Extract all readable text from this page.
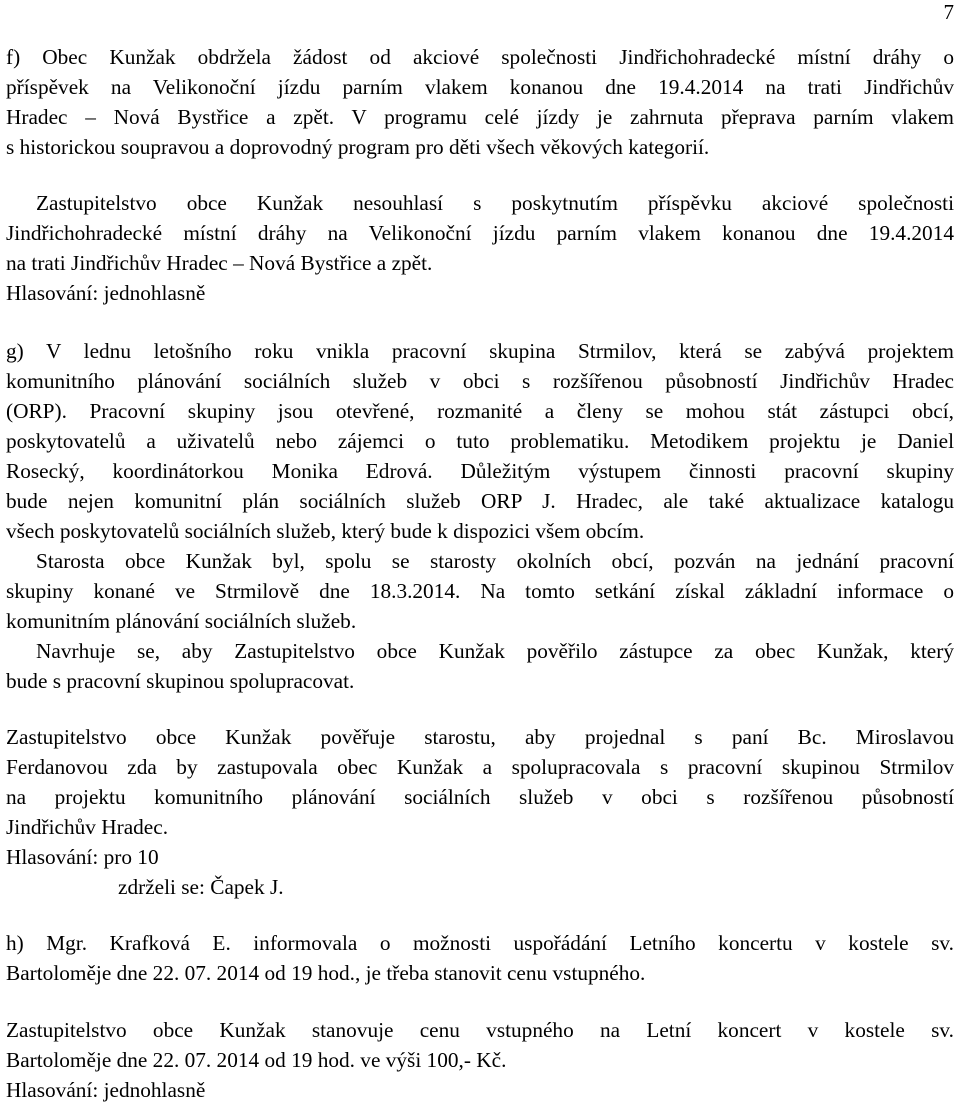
7
f) Obec Kunžak obdržela žádost od akciové společnosti Jindřichohradecké místní dráhy o
příspěvek na Velikonoční jízdu parním vlakem konanou dne 19.4.2014 na trati Jindřichův
Hradec – Nová Bystřice a zpět. V programu celé jízdy je zahrnuta přeprava parním vlakem
s historickou soupravou a doprovodný program pro děti všech věkových kategorií.
Zastupitelstvo obce Kunžak nesouhlasí s poskytnutím příspěvku akciové společnosti
Jindřichohradecké místní dráhy na Velikonoční jízdu parním vlakem konanou dne 19.4.2014
na trati Jindřichův Hradec – Nová Bystřice a zpět.
Hlasování: jednohlasně
g) V lednu letošního roku vnikla pracovní skupina Strmilov, která se zabývá projektem
komunitního plánování sociálních služeb v obci s rozšířenou působností Jindřichův Hradec
(ORP). Pracovní skupiny jsou otevřené, rozmanité a členy se mohou stát zástupci obcí,
poskytovatelů a uživatelů nebo zájemci o tuto problematiku. Metodikem projektu je Daniel
Rosecký, koordinátorkou Monika Edrová. Důležitým výstupem činnosti pracovní skupiny
bude nejen komunitní plán sociálních služeb ORP J. Hradec, ale také aktualizace katalogu
všech poskytovatelů sociálních služeb, který bude k dispozici všem obcím.
Starosta obce Kunžak byl, spolu se starosty okolních obcí, pozván na jednání pracovní
skupiny konané ve Strmilově dne 18.3.2014. Na tomto setkání získal základní informace o
komunitním plánování sociálních služeb.
Navrhuje se, aby Zastupitelstvo obce Kunžak pověřilo zástupce za obec Kunžak, který
bude s pracovní skupinou spolupracovat.
Zastupitelstvo obce Kunžak pověřuje starostu, aby projednal s paní Bc. Miroslavou
Ferdanovou zda by zastupovala obec Kunžak a spolupracovala s pracovní skupinou Strmilov
na projektu komunitního plánování sociálních služeb v obci s rozšířenou působností
Jindřichův Hradec.
Hlasování: pro 10
zdrželi se: Čapek J.
h) Mgr. Krafková E. informovala o možnosti uspořádání Letního koncertu v kostele sv.
Bartoloměje dne 22. 07. 2014 od 19 hod., je třeba stanovit cenu vstupného.
Zastupitelstvo obce Kunžak stanovuje cenu vstupného na Letní koncert v kostele sv.
Bartoloměje dne 22. 07. 2014 od 19 hod. ve výši 100,- Kč.
Hlasování: jednohlasně
